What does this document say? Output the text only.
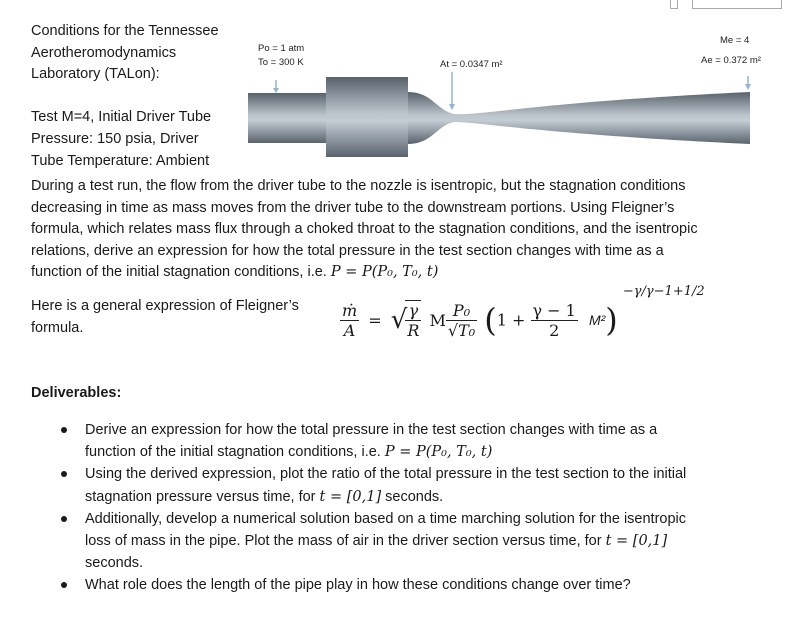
Conditions for the Tennessee
Aerotheromodynamics
Laboratory (TALon):

Test M=4, Initial Driver Tube
Pressure: 150 psia, Driver
Tube Temperature: Ambient
Po = 1 atm
To = 300 K	At = 0.0347 m²
Me = 4
Ae = 0.372 m²
During a test run, the flow from the driver tube to the nozzle is isentropic, but the stagnation conditions
decreasing in time as mass moves from the driver tube to the downstream portions. Using Fleigner’s
formula, which relates mass flux through a choked throat to the stagnation conditions, and the isentropic
relations, derive an expression for how the total pressure in the test section changes with time as a
function of the initial stagnation conditions, i.e. P = P(P₀, T₀, t)
Here is a general expression of Fleigner’s
formula.	$\frac{\text{ṁ}}{A}$ = √
$\frac{\gamma}{R}$ M $\frac{\text{P₀}}{\text{√T₀}} (1 + \frac{\gamma - 1}{2} M^2)$ $^{-\gamma/\gamma-1+1/2}$
Deliverables:
Derive an expression for how the total pressure in the test section changes with time as a
function of the initial stagnation conditions, i.e. P = P(P₀, T₀, t)
Using the derived expression, plot the ratio of the total pressure in the test section to the initial
stagnation pressure versus time, for t = [0,1] seconds.
Additionally, develop a numerical solution based on a time marching solution for the isentropic
loss of mass in the pipe. Plot the mass of air in the driver section versus time, for t = [0,1]
seconds.
What role does the length of the pipe play in how these conditions change over time?
